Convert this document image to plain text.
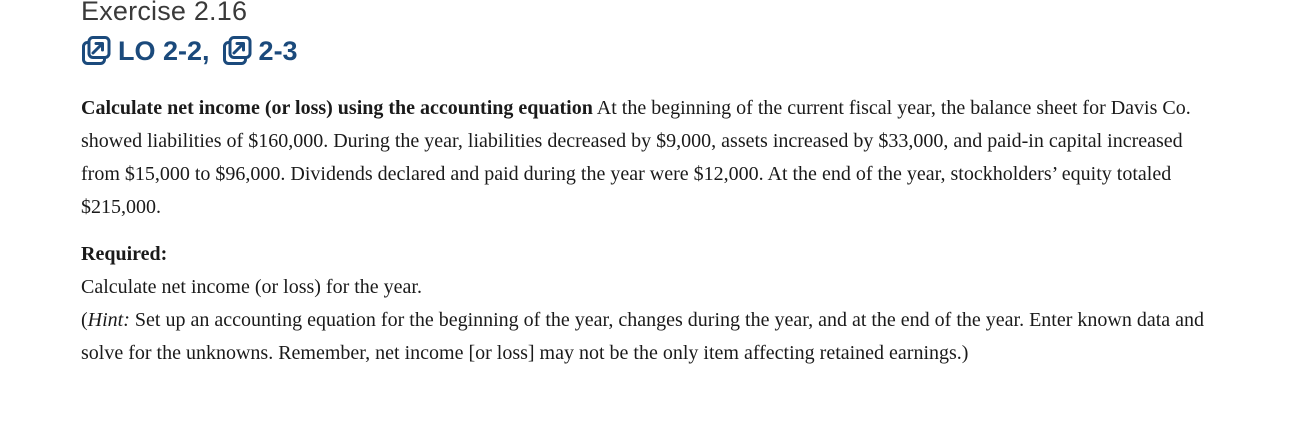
Exercise 2.16
LO 2-2 , 2-3

Calculate net income (or loss) using the accounting equation At the beginning of the current fiscal year, the balance sheet for Davis Co. showed liabilities of $160,000. During the year, liabilities decreased by $9,000, assets increased by $33,000, and paid-in capital increased from $15,000 to $96,000. Dividends declared and paid during the year were $12,000. At the end of the year, stockholders’ equity totaled $215,000.

Required:

Calculate net income (or loss) for the year.

(Hint: Set up an accounting equation for the beginning of the year, changes during the year, and at the end of the year. Enter known data and solve for the unknowns. Remember, net income [or loss] may not be the only item affecting retained earnings.)
